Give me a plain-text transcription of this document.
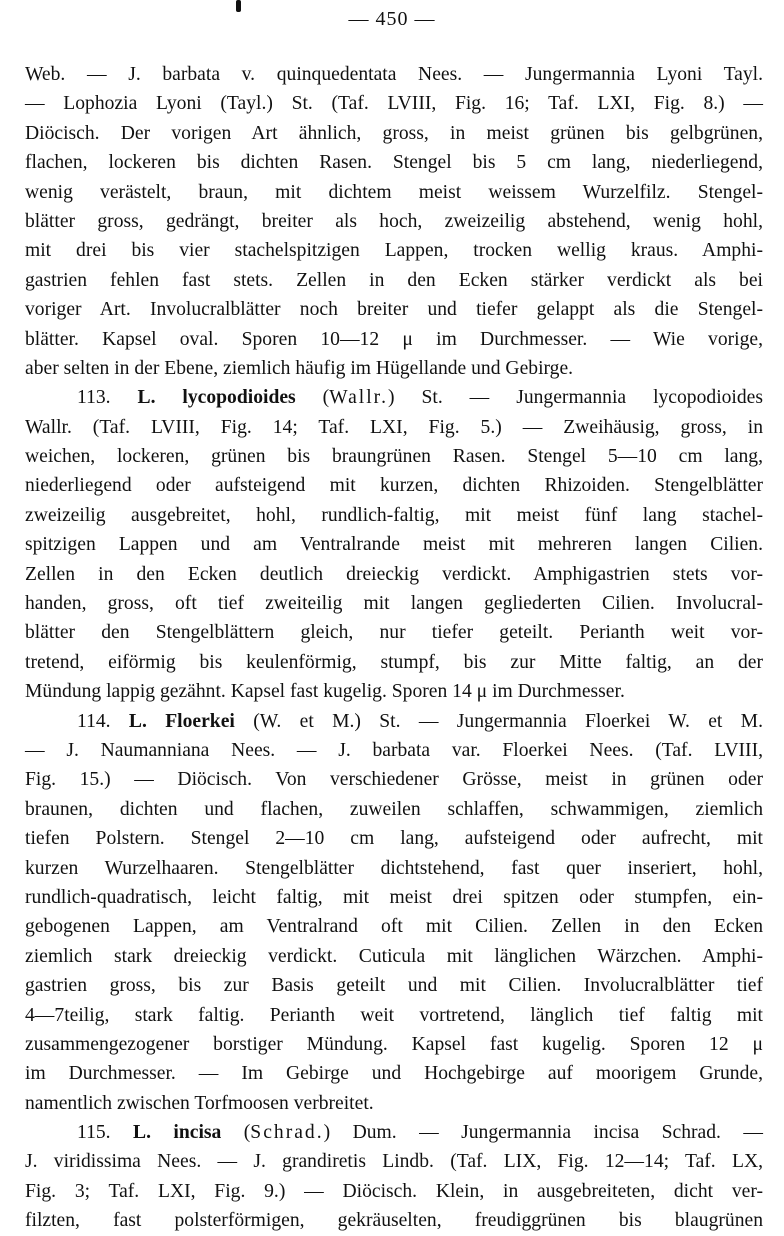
— 450 —
Web. — J. barbata v. quinquedentata Nees. — Jungermannia Lyoni Tayl.
— Lophozia Lyoni (Tayl.) St. (Taf. LVIII, Fig. 16; Taf. LXI, Fig. 8.) —
Diöcisch. Der vorigen Art ähnlich, gross, in meist grünen bis gelbgrünen,
flachen, lockeren bis dichten Rasen. Stengel bis 5 cm lang, niederliegend,
wenig verästelt, braun, mit dichtem meist weissem Wurzelfilz. Stengel-
blätter gross, gedrängt, breiter als hoch, zweizeilig abstehend, wenig hohl,
mit drei bis vier stachelspitzigen Lappen, trocken wellig kraus. Amphi-
gastrien fehlen fast stets. Zellen in den Ecken stärker verdickt als bei
voriger Art. Involucralblätter noch breiter und tiefer gelappt als die Stengel-
blätter. Kapsel oval. Sporen 10—12 μ im Durchmesser. — Wie vorige,
aber selten in der Ebene, ziemlich häufig im Hügellande und Gebirge.
113. L. lycopodioides (Wallr.) St. — Jungermannia lycopodioides
Wallr. (Taf. LVIII, Fig. 14; Taf. LXI, Fig. 5.) — Zweihäusig, gross, in
weichen, lockeren, grünen bis braungrünen Rasen. Stengel 5—10 cm lang,
niederliegend oder aufsteigend mit kurzen, dichten Rhizoiden. Stengelblätter
zweizeilig ausgebreitet, hohl, rundlich-faltig, mit meist fünf lang stachel-
spitzigen Lappen und am Ventralrande meist mit mehreren langen Cilien.
Zellen in den Ecken deutlich dreieckig verdickt. Amphigastrien stets vor-
handen, gross, oft tief zweiteilig mit langen gegliederten Cilien. Involucral-
blätter den Stengelblättern gleich, nur tiefer geteilt. Perianth weit vor-
tretend, eiförmig bis keulenförmig, stumpf, bis zur Mitte faltig, an der
Mündung lappig gezähnt. Kapsel fast kugelig. Sporen 14 μ im Durchmesser.
114. L. Floerkei (W. et M.) St. — Jungermannia Floerkei W. et M.
— J. Naumanniana Nees. — J. barbata var. Floerkei Nees. (Taf. LVIII,
Fig. 15.) — Diöcisch. Von verschiedener Grösse, meist in grünen oder
braunen, dichten und flachen, zuweilen schlaffen, schwammigen, ziemlich
tiefen Polstern. Stengel 2—10 cm lang, aufsteigend oder aufrecht, mit
kurzen Wurzelhaaren. Stengelblätter dichtstehend, fast quer inseriert, hohl,
rundlich-quadratisch, leicht faltig, mit meist drei spitzen oder stumpfen, ein-
gebogenen Lappen, am Ventralrand oft mit Cilien. Zellen in den Ecken
ziemlich stark dreieckig verdickt. Cuticula mit länglichen Wärzchen. Amphi-
gastrien gross, bis zur Basis geteilt und mit Cilien. Involucralblätter tief
4—7teilig, stark faltig. Perianth weit vortretend, länglich tief faltig mit
zusammengezogener borstiger Mündung. Kapsel fast kugelig. Sporen 12 μ
im Durchmesser. — Im Gebirge und Hochgebirge auf moorigem Grunde,
namentlich zwischen Torfmoosen verbreitet.
115. L. incisa (Schrad.) Dum. — Jungermannia incisa Schrad. —
J. viridissima Nees. — J. grandiretis Lindb. (Taf. LIX, Fig. 12—14; Taf. LX,
Fig. 3; Taf. LXI, Fig. 9.) — Diöcisch. Klein, in ausgebreiteten, dicht ver-
filzten, fast polsterförmigen, gekräuselten, freudiggrünen bis blaugrünen
